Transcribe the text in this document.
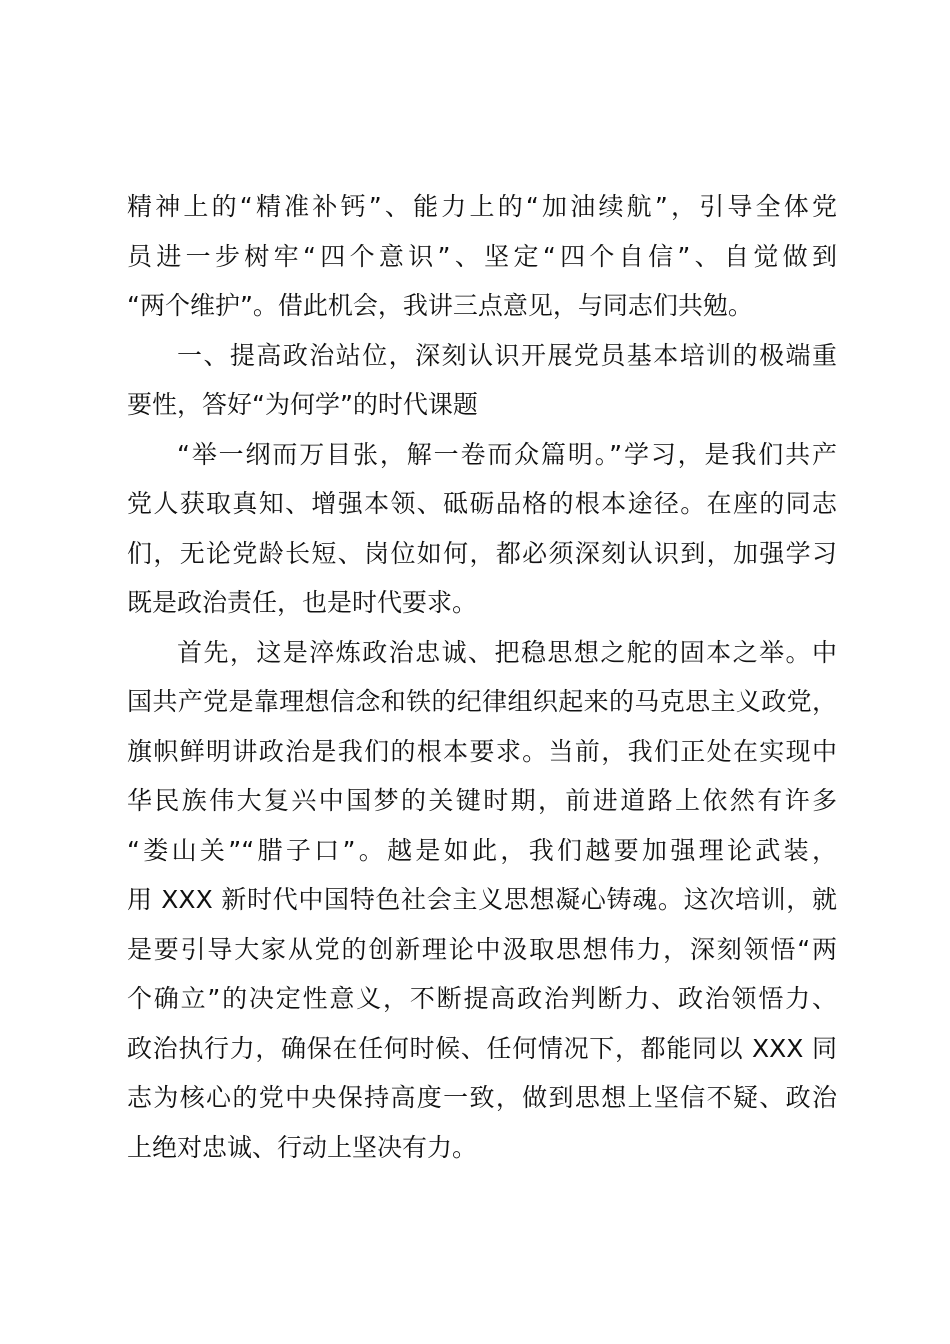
精神上的“精准补钙”、能力上的“加油续航”，引导全体党
员进一步树牢“四个意识”、坚定“四个自信”、自觉做到
“两个维护”。借此机会，我讲三点意见，与同志们共勉。
一、提高政治站位，深刻认识开展党员基本培训的极端重
要性，答好“为何学”的时代课题
“举一纲而万目张，解一卷而众篇明。”学习，是我们共产
党人获取真知、增强本领、砥砺品格的根本途径。在座的同志
们，无论党龄长短、岗位如何，都必须深刻认识到，加强学习
既是政治责任，也是时代要求。
首先，这是淬炼政治忠诚、把稳思想之舵的固本之举。中
国共产党是靠理想信念和铁的纪律组织起来的马克思主义政党，
旗帜鲜明讲政治是我们的根本要求。当前，我们正处在实现中
华民族伟大复兴中国梦的关键时期，前进道路上依然有许多
“娄山关”“腊子口”。越是如此，我们越要加强理论武装，
用 XXX 新时代中国特色社会主义思想凝心铸魂。这次培训，就
是要引导大家从党的创新理论中汲取思想伟力，深刻领悟“两
个确立”的决定性意义，不断提高政治判断力、政治领悟力、
政治执行力，确保在任何时候、任何情况下，都能同以 XXX 同
志为核心的党中央保持高度一致，做到思想上坚信不疑、政治
上绝对忠诚、行动上坚决有力。
